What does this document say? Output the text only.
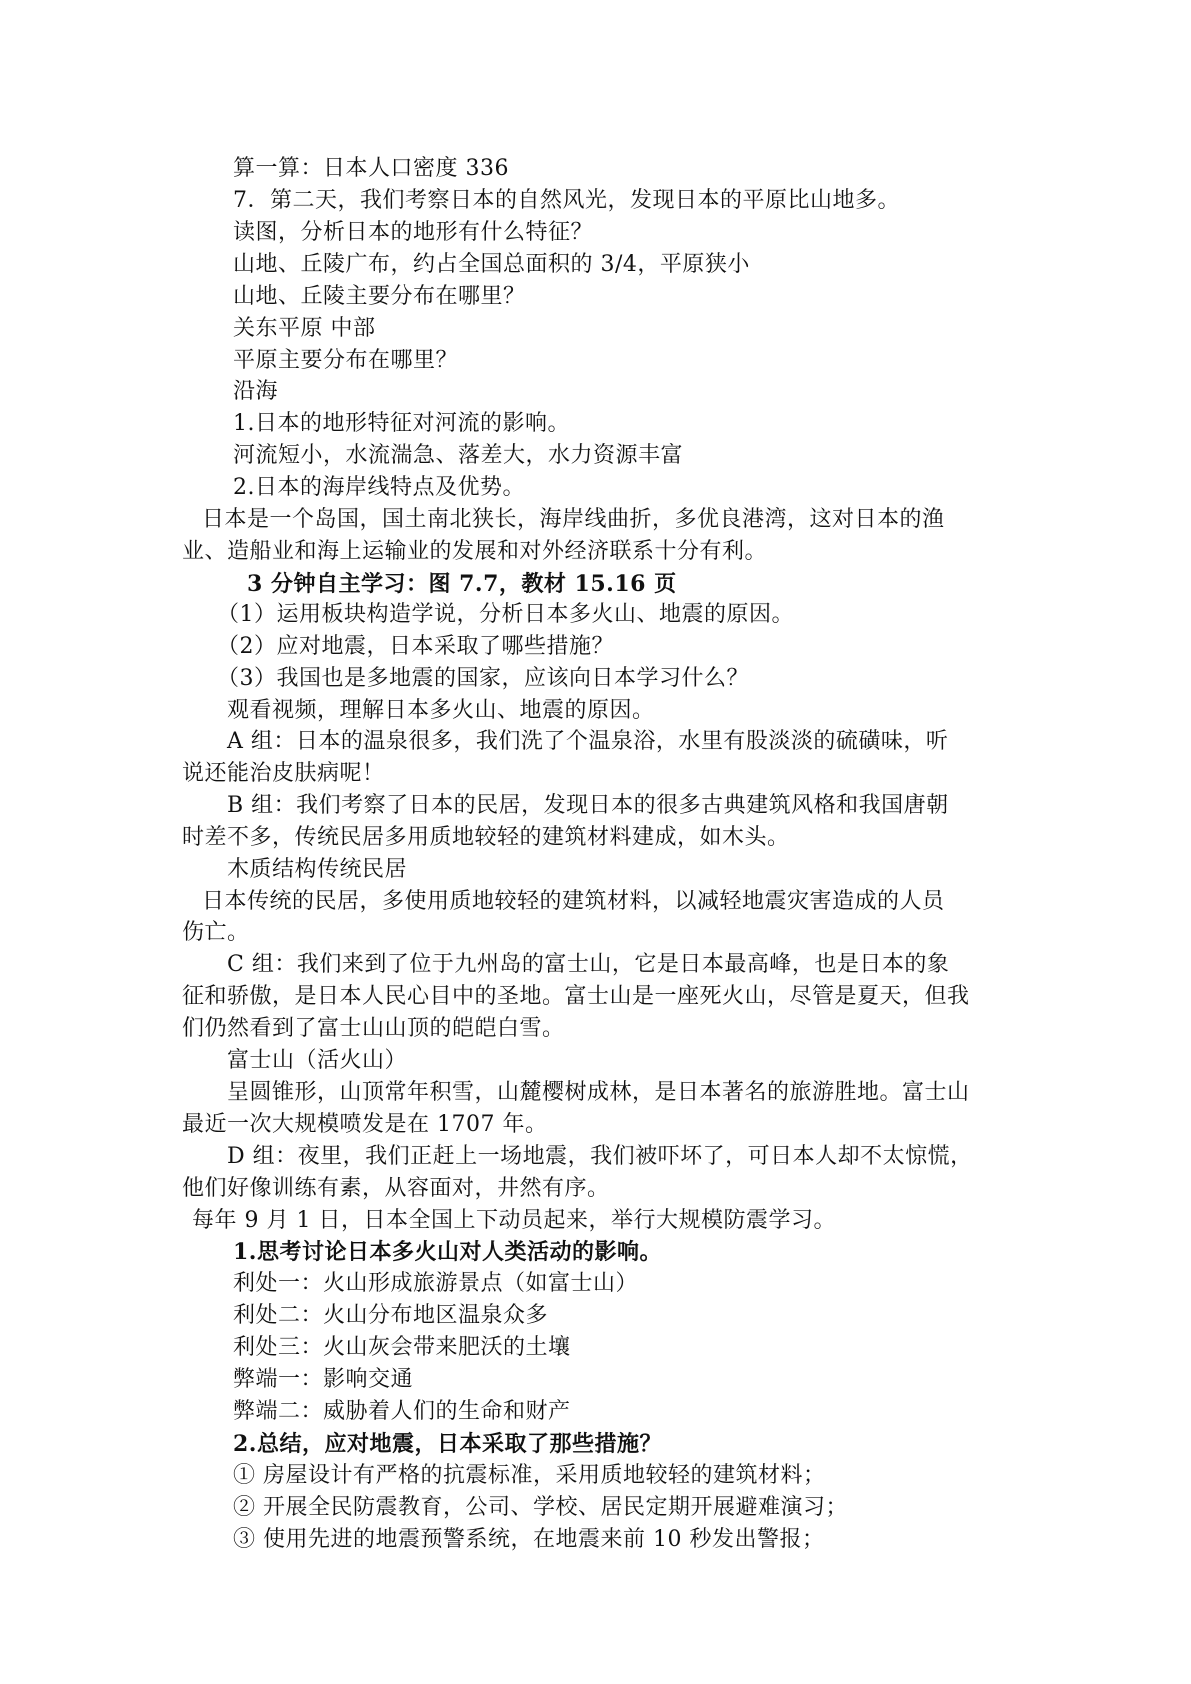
算一算：日本人口密度 336
7．第二天，我们考察日本的自然风光，发现日本的平原比山地多。
读图，分析日本的地形有什么特征？
山地、丘陵广布，约占全国总面积的 3/4，平原狭小
山地、丘陵主要分布在哪里？
关东平原 中部
平原主要分布在哪里？
沿海
1.日本的地形特征对河流的影响。
河流短小，水流湍急、落差大，水力资源丰富
2.日本的海岸线特点及优势。
日本是一个岛国，国土南北狭长，海岸线曲折，多优良港湾，这对日本的渔
业、造船业和海上运输业的发展和对外经济联系十分有利。
3 分钟自主学习：图 7.7，教材 15.16 页
（1）运用板块构造学说，分析日本多火山、地震的原因。
（2）应对地震，日本采取了哪些措施？
（3）我国也是多地震的国家，应该向日本学习什么？
观看视频，理解日本多火山、地震的原因。
A 组：日本的温泉很多，我们洗了个温泉浴，水里有股淡淡的硫磺味，听
说还能治皮肤病呢！
B 组：我们考察了日本的民居，发现日本的很多古典建筑风格和我国唐朝
时差不多，传统民居多用质地较轻的建筑材料建成，如木头。
木质结构传统民居
日本传统的民居，多使用质地较轻的建筑材料，以减轻地震灾害造成的人员
伤亡。
C 组：我们来到了位于九州岛的富士山，它是日本最高峰，也是日本的象
征和骄傲，是日本人民心目中的圣地。富士山是一座死火山，尽管是夏天，但我
们仍然看到了富士山山顶的皑皑白雪。
富士山（活火山）
呈圆锥形，山顶常年积雪，山麓樱树成林，是日本著名的旅游胜地。富士山
最近一次大规模喷发是在 1707 年。
D 组：夜里，我们正赶上一场地震，我们被吓坏了，可日本人却不太惊慌，
他们好像训练有素，从容面对，井然有序。
每年 9 月 1 日，日本全国上下动员起来，举行大规模防震学习。
1.思考讨论日本多火山对人类活动的影响。
利处一：火山形成旅游景点（如富士山）
利处二：火山分布地区温泉众多
利处三：火山灰会带来肥沃的土壤
弊端一：影响交通
弊端二：威胁着人们的生命和财产
2.总结，应对地震，日本采取了那些措施？
① 房屋设计有严格的抗震标准，采用质地较轻的建筑材料；
② 开展全民防震教育，公司、学校、居民定期开展避难演习；
③ 使用先进的地震预警系统，在地震来前 10 秒发出警报；
